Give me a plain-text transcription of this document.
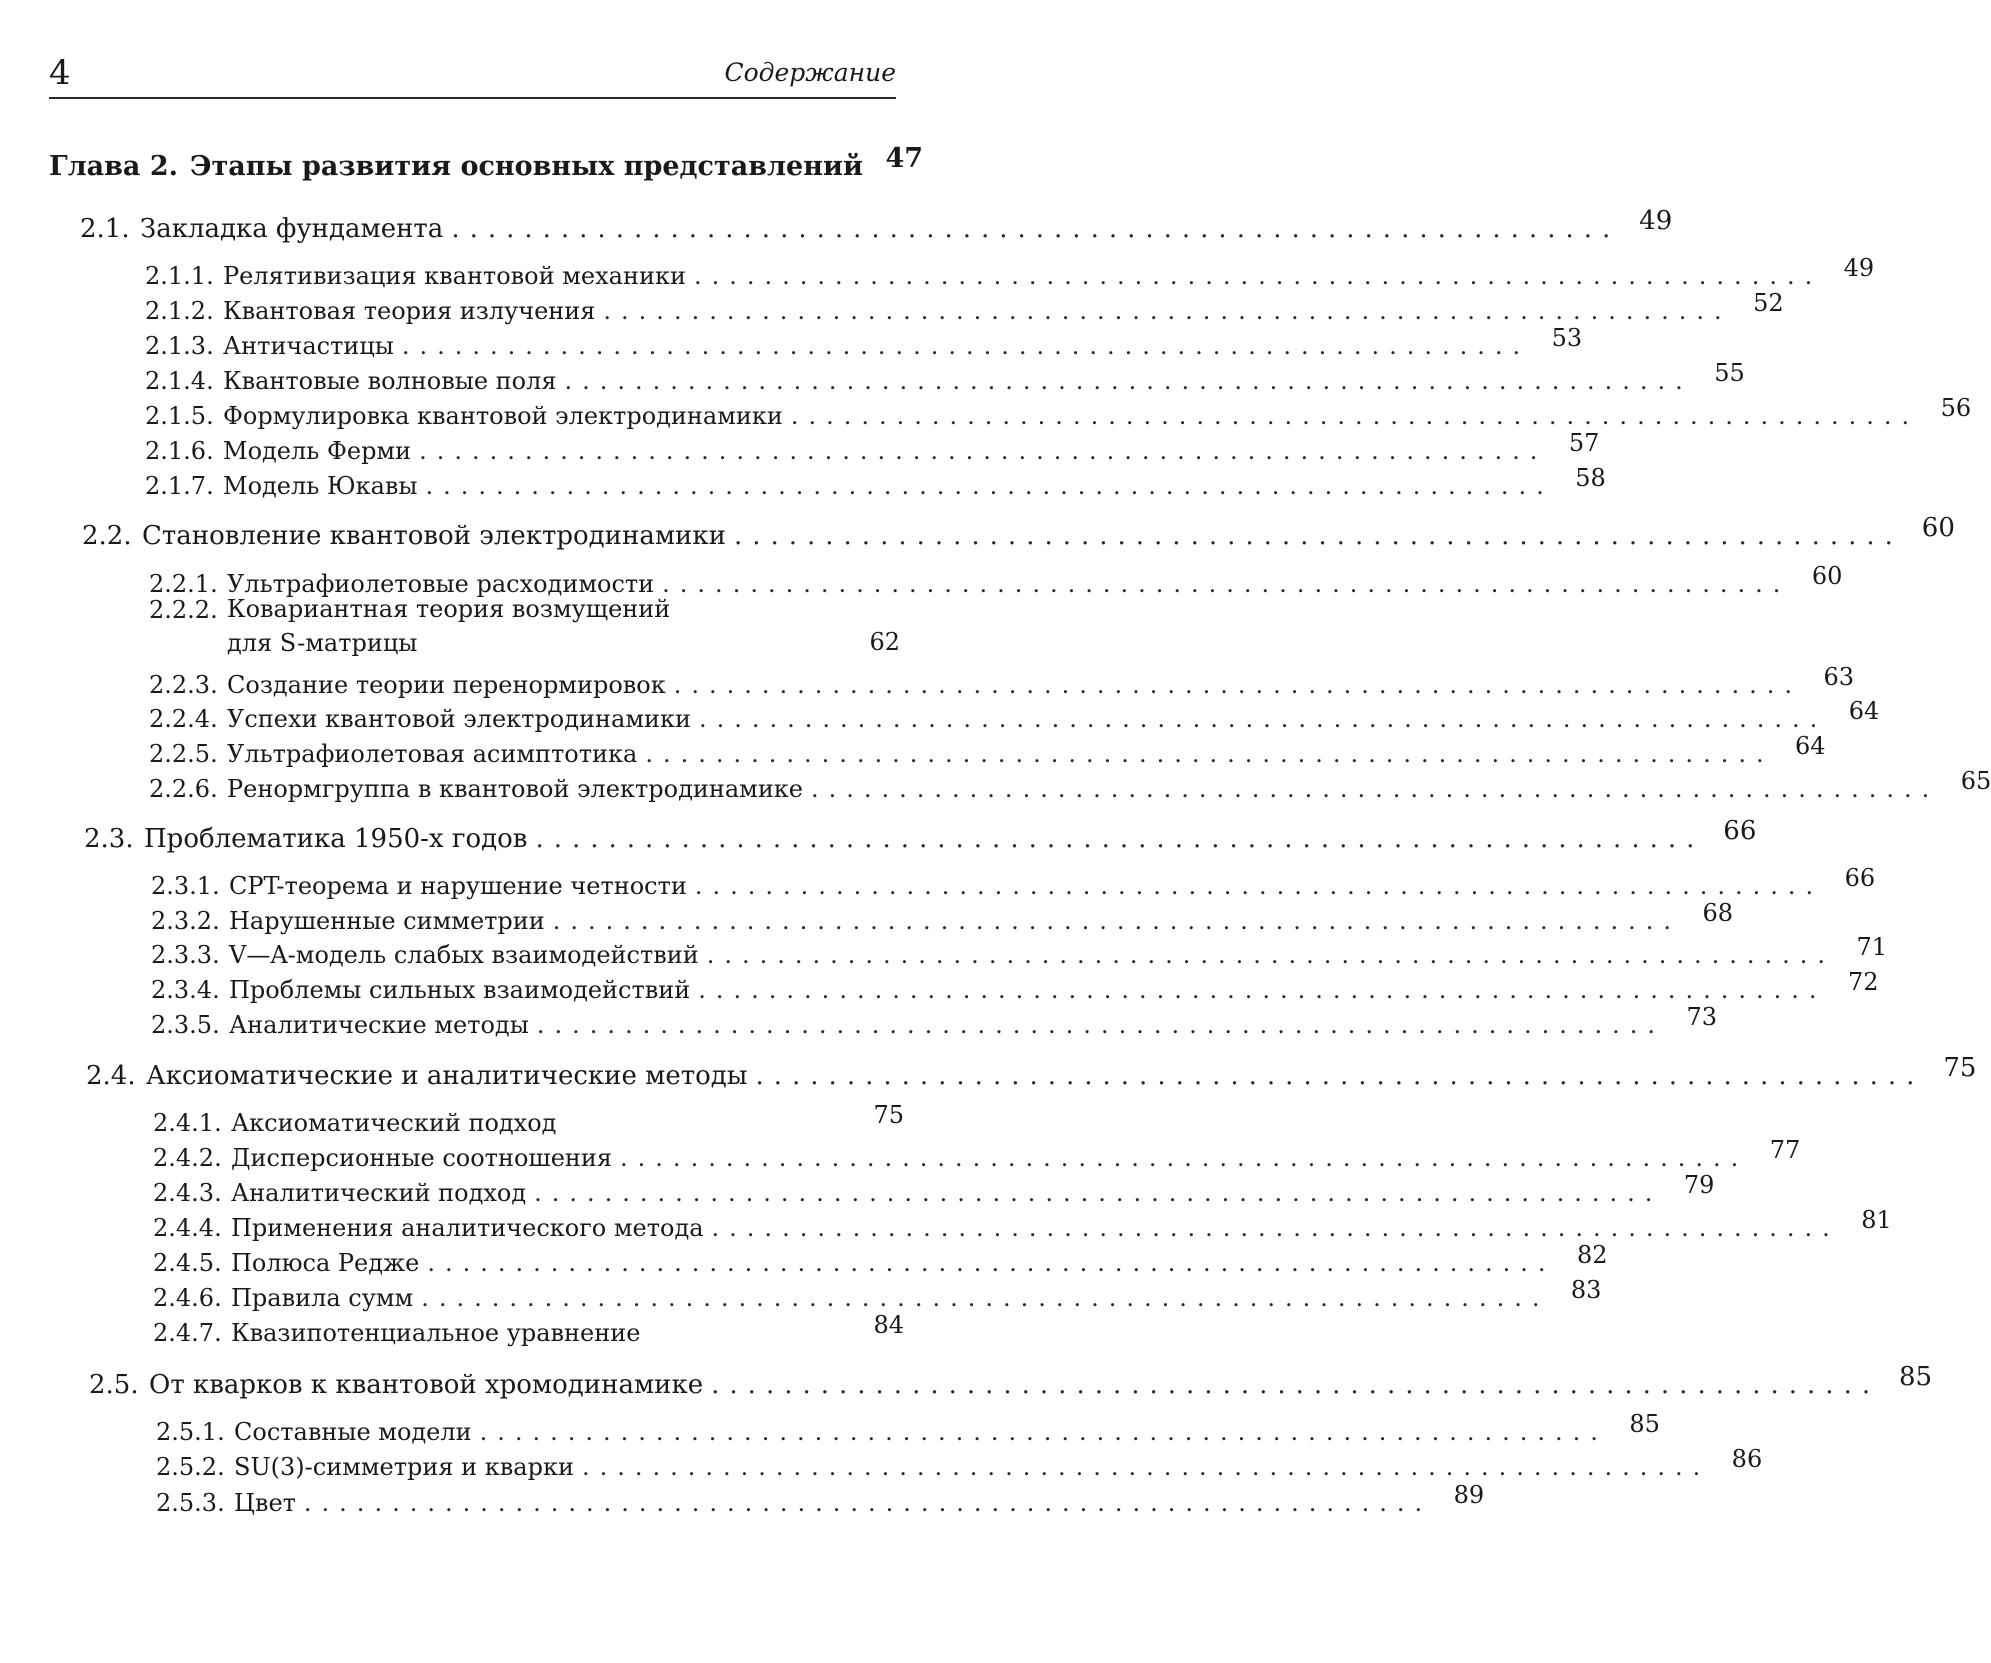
4	Содержание
Глава 2. Этапы развития основных представлений 47
2.1. Закладка фундамента ................................................................ 49
2.1.1. Релятивизация квантовой механики ................................................................ 49
2.1.2. Квантовая теория излучения ................................................................ 52
2.1.3. Античастицы ................................................................ 53
2.1.4. Квантовые волновые поля ................................................................ 55
2.1.5. Формулировка квантовой электродинамики ................................................................ 56
2.1.6. Модель Ферми ................................................................ 57
2.1.7. Модель Юкавы ................................................................ 58
2.2. Становление квантовой электродинамики ................................................................ 60
2.2.1. Ультрафиолетовые расходимости ................................................................ 60
2.2.2. Ковариантная теория возмущений
для S-матрицы	62
2.2.3. Создание теории перенормировок ................................................................ 63
2.2.4. Успехи квантовой электродинамики ................................................................ 64
2.2.5. Ультрафиолетовая асимптотика ................................................................ 64
2.2.6. Ренормгруппа в квантовой электродинамике ................................................................ 65
2.3. Проблематика 1950-х годов ................................................................ 66
2.3.1. CPT-теорема и нарушение четности ................................................................ 66
2.3.2. Нарушенные симметрии ................................................................ 68
2.3.3. V—A-модель слабых взаимодействий ................................................................ 71
2.3.4. Проблемы сильных взаимодействий ................................................................ 72
2.3.5. Аналитические методы ................................................................ 73
2.4. Аксиоматические и аналитические методы ................................................................ 75
2.4.1. Аксиоматический подход	75
2.4.2. Дисперсионные соотношения ................................................................ 77
2.4.3. Аналитический подход ................................................................ 79
2.4.4. Применения аналитического метода ................................................................ 81
2.4.5. Полюса Редже ................................................................ 82
2.4.6. Правила сумм ................................................................ 83
2.4.7. Квазипотенциальное уравнение	84
2.5. От кварков к квантовой хромодинамике ................................................................ 85
2.5.1. Составные модели ................................................................ 85
2.5.2. SU(3)-симметрия и кварки ................................................................ 86
2.5.3. Цвет ................................................................ 89
